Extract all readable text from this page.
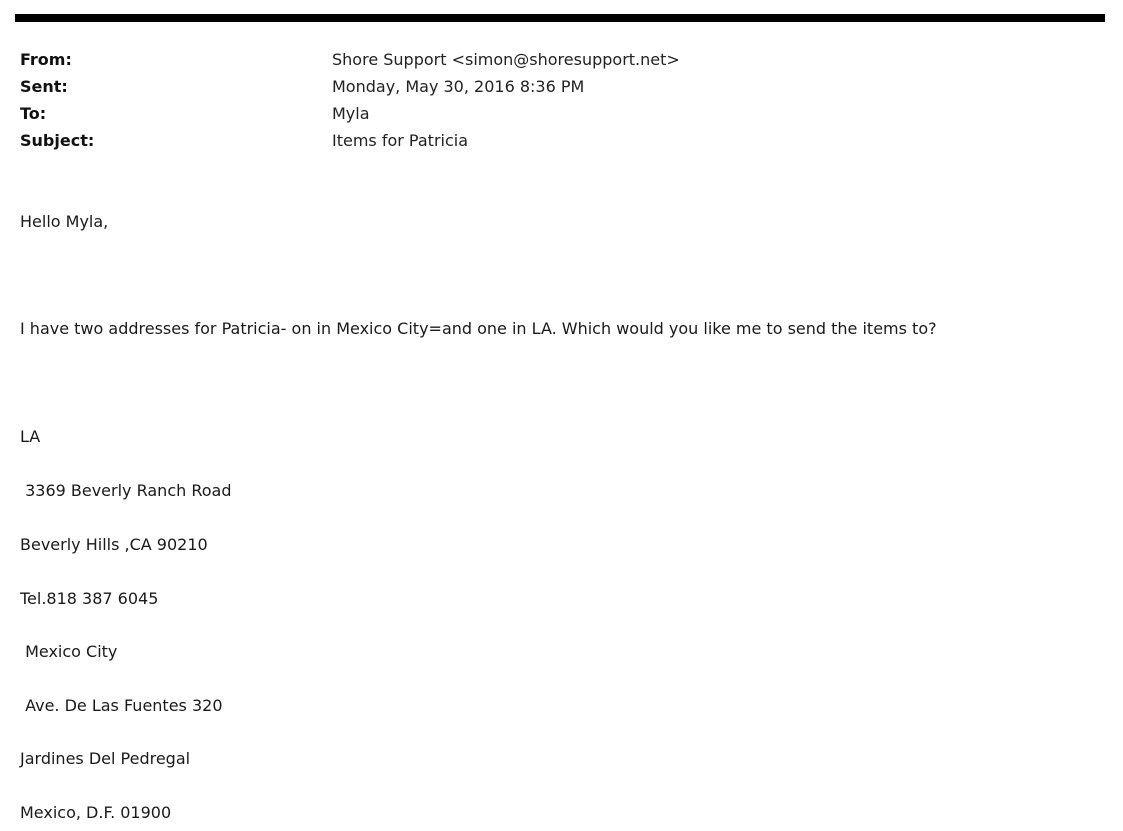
From:	Shore Support <simon@shoresupport.net>
Sent:	Monday, May 30, 2016 8:36 PM
To:	Myla
Subject:	Items for Patricia
Hello Myla,
I have two addresses for Patricia- on in Mexico City=and one in LA. Which would you like me to send the items to?
LA
3369 Beverly Ranch Road
Beverly Hills ,CA 90210
Tel.818 387 6045
Mexico City
Ave. De Las Fuentes 320
Jardines Del Pedregal
Mexico, D.F. 01900
